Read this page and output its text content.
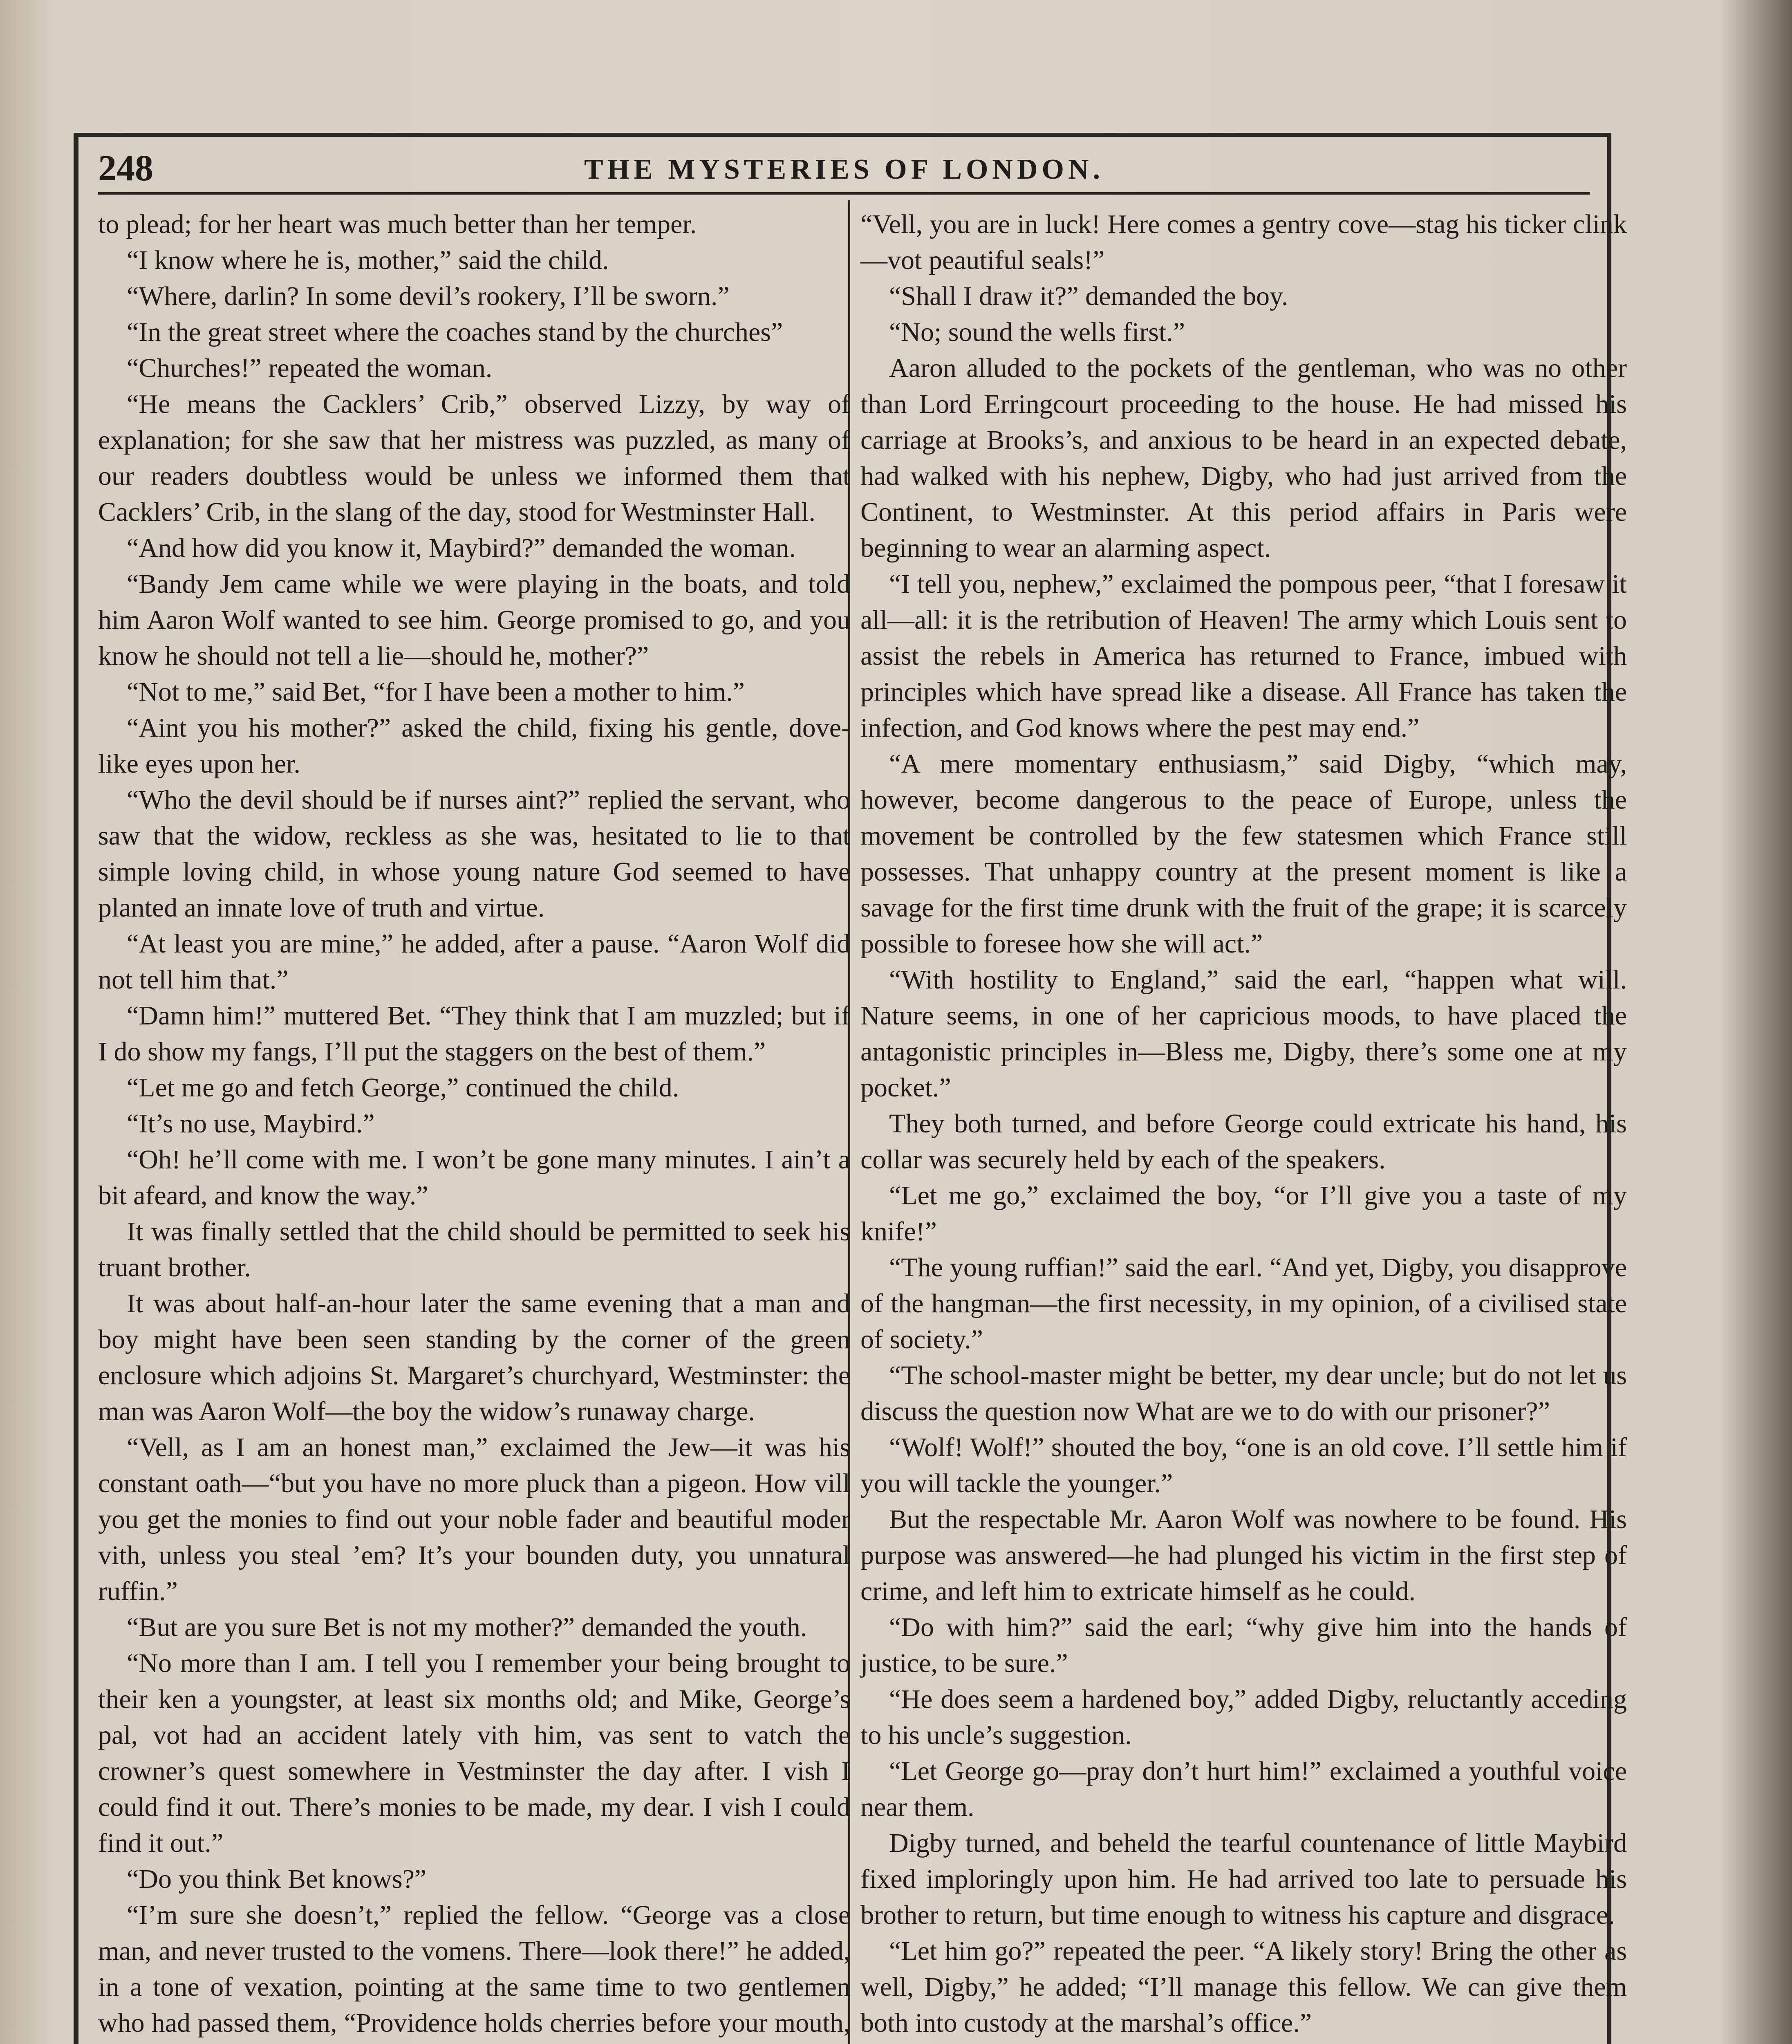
248	THE MYSTERIES OF LONDON.

to plead; for her heart was much better than her temper.

“I know where he is, mother,” said the child.

“Where, darlin? In some devil’s rookery, I’ll be sworn.”

“In the great street where the coaches stand by the churches”

“Churches!” repeated the woman.

“He means the Cacklers’ Crib,” observed Lizzy, by way of explanation; for she saw that her mistress was puzzled, as many of our readers doubtless would be unless we informed them that Cacklers’ Crib, in the slang of the day, stood for Westminster Hall.

“And how did you know it, Maybird?” demanded the woman.

“Bandy Jem came while we were playing in the boats, and told him Aaron Wolf wanted to see him. George promised to go, and you know he should not tell a lie—should he, mother?”

“Not to me,” said Bet, “for I have been a mother to him.”

“Aint you his mother?” asked the child, fixing his gentle, dove-like eyes upon her.

“Who the devil should be if nurses aint?” replied the servant, who saw that the widow, reckless as she was, hesitated to lie to that simple loving child, in whose young nature God seemed to have planted an innate love of truth and virtue.

“At least you are mine,” he added, after a pause. “Aaron Wolf did not tell him that.”

“Damn him!” muttered Bet. “They think that I am muzzled; but if I do show my fangs, I’ll put the staggers on the best of them.”

“Let me go and fetch George,” continued the child.

“It’s no use, Maybird.”

“Oh! he’ll come with me. I won’t be gone many minutes. I ain’t a bit afeard, and know the way.”

It was finally settled that the child should be permitted to seek his truant brother.

It was about half-an-hour later the same evening that a man and boy might have been seen standing by the corner of the green enclosure which adjoins St. Margaret’s churchyard, Westminster: the man was Aaron Wolf—the boy the widow’s runaway charge.

“Vell, as I am an honest man,” exclaimed the Jew—it was his constant oath—“but you have no more pluck than a pigeon. How vill you get the monies to find out your noble fader and beautiful moder vith, unless you steal ’em? It’s your bounden duty, you unnatural ruffin.”

“But are you sure Bet is not my mother?” demanded the youth.

“No more than I am. I tell you I remember your being brought to their ken a youngster, at least six months old; and Mike, George’s pal, vot had an accident lately vith him, vas sent to vatch the crowner’s quest somewhere in Vestminster the day after. I vish I could find it out. There’s monies to be made, my dear. I vish I could find it out.”

“Do you think Bet knows?”

“I’m sure she doesn’t,” replied the fellow. “George vas a close man, and never trusted to the vomens. There—look there!” he added, in a tone of vexation, pointing at the same time to two gentlemen who had passed them, “Providence holds cherries before your mouth,

“Vell, you are in luck! Here comes a gentry cove—stag his ticker clink—vot peautiful seals!”

“Shall I draw it?” demanded the boy.

“No; sound the wells first.”

Aaron alluded to the pockets of the gentleman, who was no other than Lord Erringcourt proceeding to the house. He had missed his carriage at Brooks’s, and anxious to be heard in an expected debate, had walked with his nephew, Digby, who had just arrived from the Continent, to Westminster. At this period affairs in Paris were beginning to wear an alarming aspect.

“I tell you, nephew,” exclaimed the pompous peer, “that I foresaw it all—all: it is the retribution of Heaven! The army which Louis sent to assist the rebels in America has returned to France, imbued with principles which have spread like a disease. All France has taken the infection, and God knows where the pest may end.”

“A mere momentary enthusiasm,” said Digby, “which may, however, become dangerous to the peace of Europe, unless the movement be controlled by the few statesmen which France still possesses. That unhappy country at the present moment is like a savage for the first time drunk with the fruit of the grape; it is scarcely possible to foresee how she will act.”

“With hostility to England,” said the earl, “happen what will. Nature seems, in one of her capricious moods, to have placed the antagonistic principles in—Bless me, Digby, there’s some one at my pocket.”

They both turned, and before George could extricate his hand, his collar was securely held by each of the speakers.

“Let me go,” exclaimed the boy, “or I’ll give you a taste of my knife!”

“The young ruffian!” said the earl. “And yet, Digby, you disapprove of the hangman—the first necessity, in my opinion, of a civilised state of society.”

“The school-master might be better, my dear uncle; but do not let us discuss the question now What are we to do with our prisoner?”

“Wolf! Wolf!” shouted the boy, “one is an old cove. I’ll settle him if you will tackle the younger.”

But the respectable Mr. Aaron Wolf was nowhere to be found. His purpose was answered—he had plunged his victim in the first step of crime, and left him to extricate himself as he could.

“Do with him?” said the earl; “why give him into the hands of justice, to be sure.”

“He does seem a hardened boy,” added Digby, reluctantly acceding to his uncle’s suggestion.

“Let George go—pray don’t hurt him!” exclaimed a youthful voice near them.

Digby turned, and beheld the tearful countenance of little Maybird fixed imploringly upon him. He had arrived too late to persuade his brother to return, but time enough to witness his capture and disgrace.

“Let him go?” repeated the peer. “A likely story! Bring the other as well, Digby,” he added; “I’ll manage this fellow. We can give them both into custody at the marshal’s office.”
